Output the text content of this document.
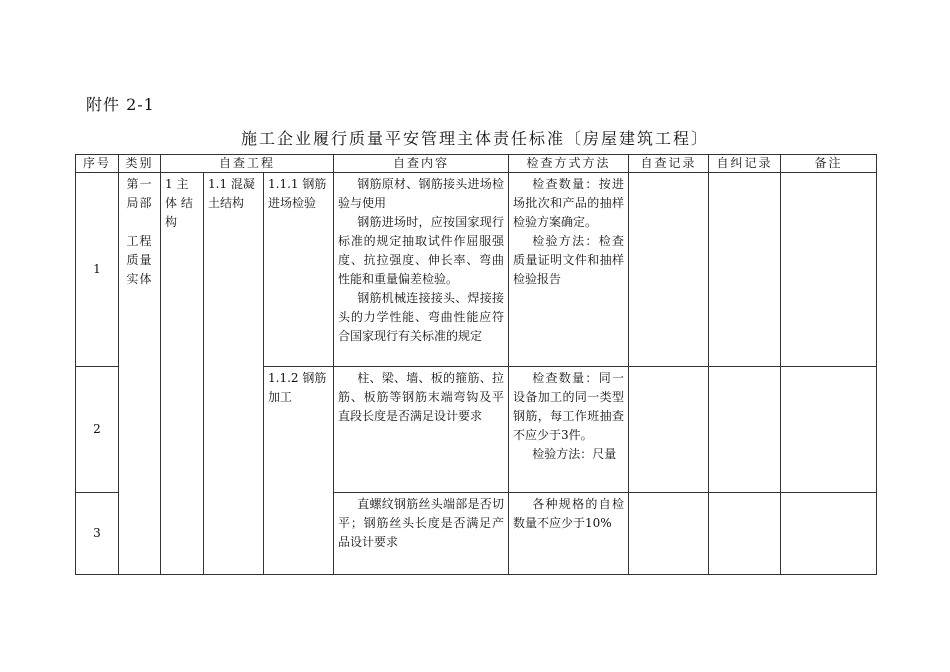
附件 2-1
施工企业履行质量平安管理主体责任标准〔房屋建筑工程〕
序号	类别	自查工程			自查内容	检查方式方法	自查记录	自纠记录	备注
1	第一
局部
工程
质量
实体	1 主体 结构	1.1 混凝土结构	1.1.1 钢筋进场检验	钢筋原材、钢筋接头进场检验与使用
钢筋进场时，应按国家现行标准的规定抽取试件作屈服强度、抗拉强度、伸长率、弯曲性能和重量偏差检验。
钢筋机械连接接头、焊接接头的力学性能、弯曲性能应符合国家现行有关标准的规定	检查数量：按进场批次和产品的抽样检验方案确定。
检验方法：检查质量证明文件和抽样检验报告			

2				1.1.2 钢筋加工	柱、梁、墙、板的箍筋、拉筋、板筋等钢筋末端弯钩及平直段长度是否满足设计要求	检查数量：同一设备加工的同一类型钢筋，每工作班抽查不应少于3件。
检验方法：尺量			

3					直螺纹钢筋丝头端部是否切平；钢筋丝头长度是否满足产品设计要求	各种规格的自检数量不应少于10%			
